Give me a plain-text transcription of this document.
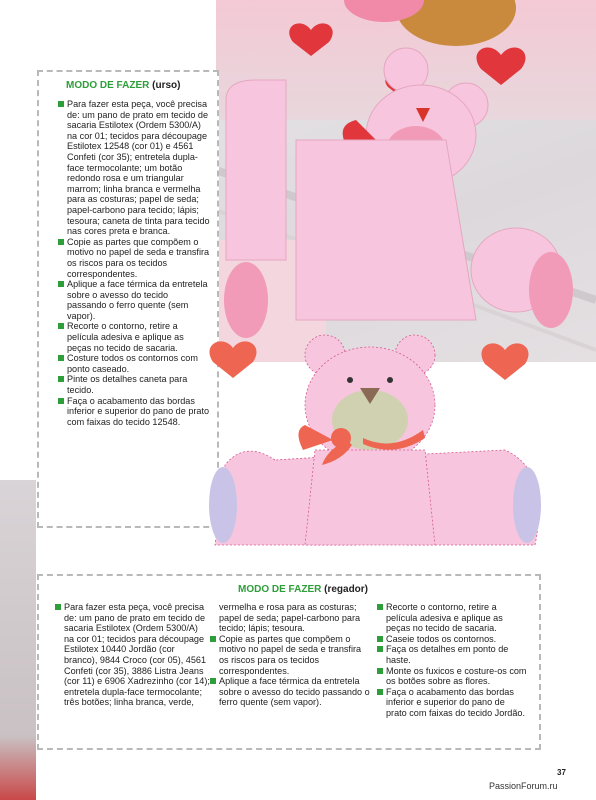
MODO DE FAZER (urso)
Para fazer esta peça, você precisa de: um pano de prato em tecido de sacaria Estilotex (Ordem 5300/A) na cor 01; tecidos para découpage Estilotex 12548 (cor 01) e 4561 Confeti (cor 35); entretela dupla-face termocolante; um botão redondo rosa e um triangular marrom; linha branca e vermelha para as costuras; papel de seda; papel-carbono para tecido; lápis; tesoura; caneta de tinta para tecido nas cores preta e branca.
Copie as partes que compõem o motivo no papel de seda e transfira os riscos para os tecidos correspondentes.
Aplique a face térmica da entretela sobre o avesso do tecido passando o ferro quente (sem vapor).
Recorte o contorno, retire a película adesiva e aplique as peças no tecido de sacaria.
Costure todos os contornos com ponto caseado.
Pinte os detalhes caneta para tecido.
Faça o acabamento das bordas inferior e superior do pano de prato com faixas do tecido 12548.
MODO DE FAZER (regador)
Para fazer esta peça, você precisa de: um pano de prato em tecido de sacaria Estilotex (Ordem 5300/A) na cor 01; tecidos para découpage Estilotex 10440 Jordão (cor branco), 9844 Croco (cor 05), 4561 Confeti (cor 35), 3886 Listra Jeans (cor 11) e 6906 Xadrezinho (cor 14); entretela dupla-face termocolante; três botões; linha branca, verde,
vermelha e rosa para as costuras; papel de seda; papel-carbono para tecido; lápis; tesoura.
Copie as partes que compõem o motivo no papel de seda e transfira os riscos para os tecidos correspondentes.
Aplique a face térmica da entretela sobre o avesso do tecido passando o ferro quente (sem vapor).
Recorte o contorno, retire a película adesiva e aplique as peças no tecido de sacaria.
Caseie todos os contornos.
Faça os detalhes em ponto de haste.
Monte os fuxicos e costure-os com os botões sobre as flores.
Faça o acabamento das bordas inferior e superior do pano de prato com faixas do tecido Jordão.
37
PassionForum.ru
